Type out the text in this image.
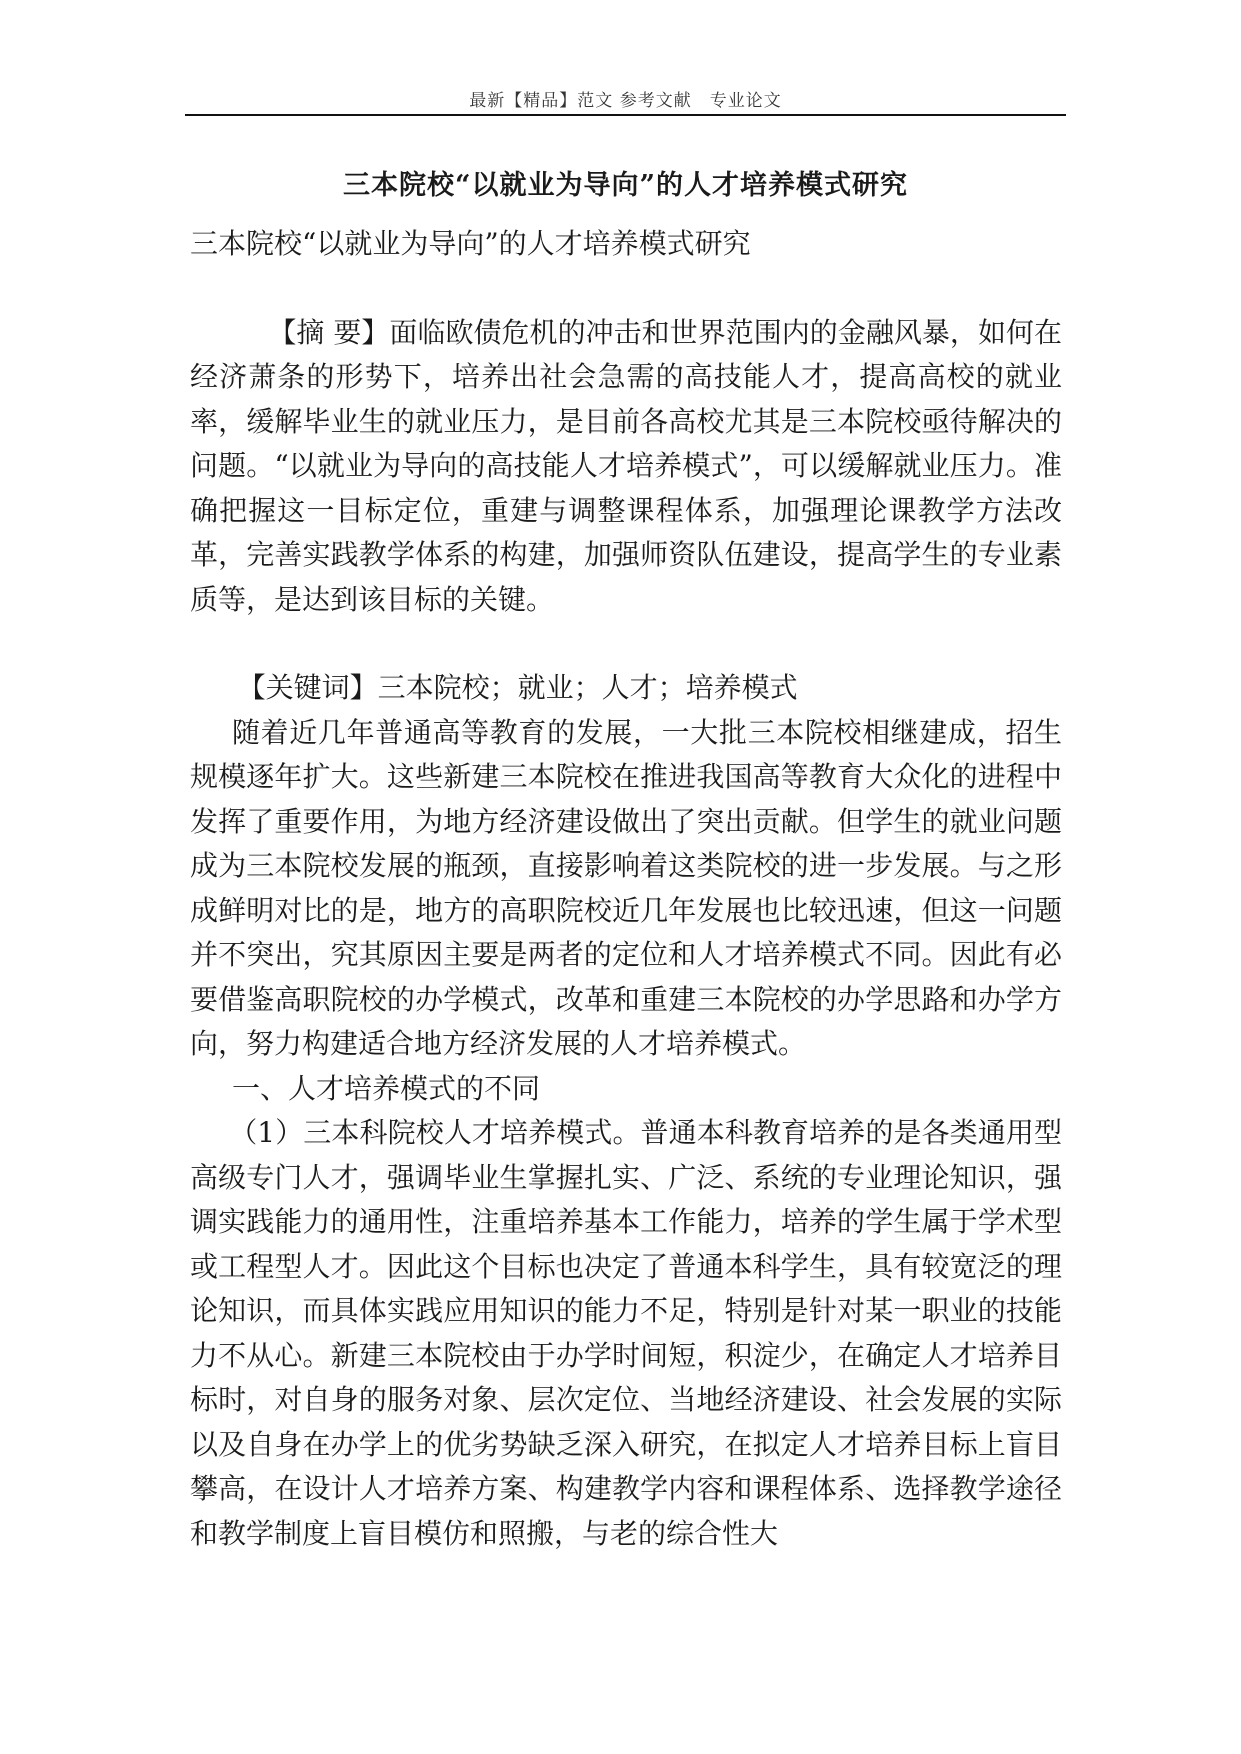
最新【精品】范文 参考文献　专业论文
三本院校“以就业为导向”的人才培养模式研究

三本院校“以就业为导向”的人才培养模式研究

【摘 要】面临欧债危机的冲击和世界范围内的金融风暴，如何在经济萧条的形势下，培养出社会急需的高技能人才，提高高校的就业率，缓解毕业生的就业压力，是目前各高校尤其是三本院校亟待解决的问题。“以就业为导向的高技能人才培养模式”，可以缓解就业压力。准确把握这一目标定位，重建与调整课程体系，加强理论课教学方法改革，完善实践教学体系的构建，加强师资队伍建设，提高学生的专业素质等，是达到该目标的关键。

【关键词】三本院校；就业；人才；培养模式

随着近几年普通高等教育的发展，一大批三本院校相继建成，招生规模逐年扩大。这些新建三本院校在推进我国高等教育大众化的进程中发挥了重要作用，为地方经济建设做出了突出贡献。但学生的就业问题成为三本院校发展的瓶颈，直接影响着这类院校的进一步发展。与之形成鲜明对比的是，地方的高职院校近几年发展也比较迅速，但这一问题并不突出，究其原因主要是两者的定位和人才培养模式不同。因此有必要借鉴高职院校的办学模式，改革和重建三本院校的办学思路和办学方向，努力构建适合地方经济发展的人才培养模式。

一、人才培养模式的不同

（1）三本科院校人才培养模式。普通本科教育培养的是各类通用型高级专门人才，强调毕业生掌握扎实、广泛、系统的专业理论知识，强调实践能力的通用性，注重培养基本工作能力，培养的学生属于学术型或工程型人才。因此这个目标也决定了普通本科学生，具有较宽泛的理论知识，而具体实践应用知识的能力不足，特别是针对某一职业的技能力不从心。新建三本院校由于办学时间短，积淀少，在确定人才培养目标时，对自身的服务对象、层次定位、当地经济建设、社会发展的实际以及自身在办学上的优劣势缺乏深入研究，在拟定人才培养目标上盲目攀高，在设计人才培养方案、构建教学内容和课程体系、选择教学途径和教学制度上盲目模仿和照搬，与老的综合性大
